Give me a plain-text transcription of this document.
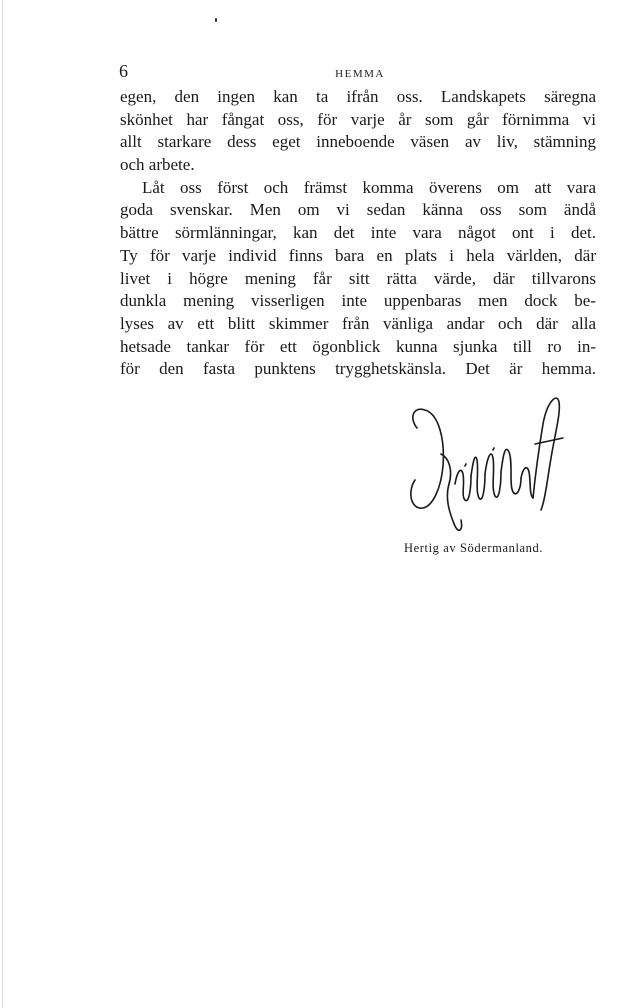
6	HEMMA
egen, den ingen kan ta ifrån oss. Landskapets säregna
skönhet har fångat oss, för varje år som går förnimma vi
allt starkare dess eget inneboende väsen av liv, stämning
och arbete.
Låt oss först och främst komma överens om att vara
goda svenskar. Men om vi sedan känna oss som ändå
bättre sörmlänningar, kan det inte vara något ont i det.
Ty för varje individ finns bara en plats i hela världen, där
livet i högre mening får sitt rätta värde, där tillvarons
dunkla mening visserligen inte uppenbaras men dock be-
lyses av ett blitt skimmer från vänliga andar och där alla
hetsade tankar för ett ögonblick kunna sjunka till ro in-
för den fasta punktens trygghetskänsla. Det är hemma.
Hertig av Södermanland.
